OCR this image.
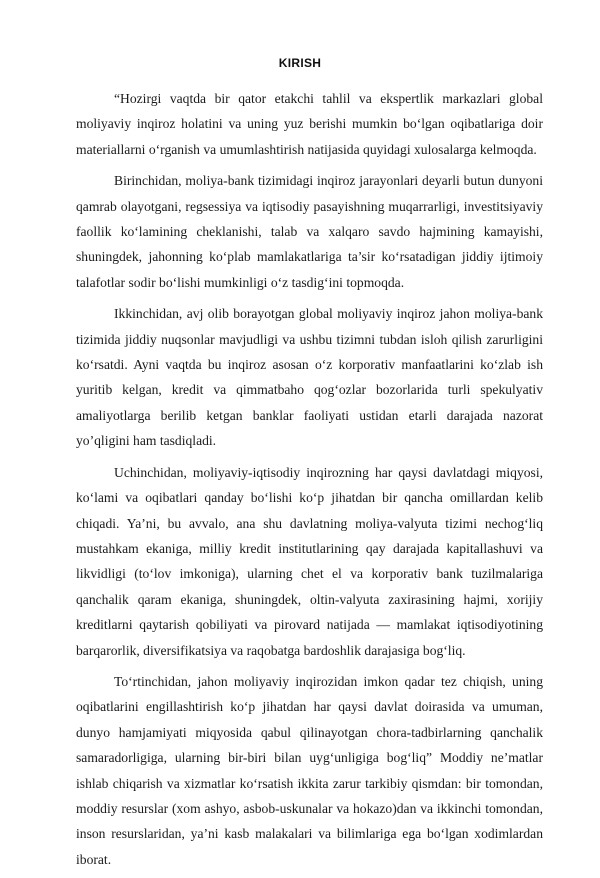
KIRISH

“Hozirgi vaqtda bir qator etakchi tahlil va ekspertlik markazlari global moliyaviy inqiroz holatini va uning yuz berishi mumkin bo‘lgan oqibatlariga doir materiallarni o‘rganish va umumlashtirish natijasida quyidagi xulosalarga kelmoqda.

Birinchidan, moliya-bank tizimidagi inqiroz jarayonlari deyarli butun dunyoni qamrab olayotgani, regsessiya va iqtisodiy pasayishning muqarrarligi, investitsiyaviy faollik ko‘lamining cheklanishi, talab va xalqaro savdo hajmining kamayishi, shuningdek, jahonning ko‘plab mamlakatlariga ta’sir ko‘rsatadigan jiddiy ijtimoiy talafotlar sodir bo‘lishi mumkinligi o‘z tasdig‘ini topmoqda.

Ikkinchidan, avj olib borayotgan global moliyaviy inqiroz jahon moliya-bank tizimida jiddiy nuqsonlar mavjudligi va ushbu tizimni tubdan isloh qilish zarurligini ko‘rsatdi. Ayni vaqtda bu inqiroz asosan o‘z korporativ manfaatlarini ko‘zlab ish yuritib kelgan, kredit va qimmatbaho qog‘ozlar bozorlarida turli spekulyativ amaliyotlarga berilib ketgan banklar faoliyati ustidan etarli darajada nazorat yo’qligini ham tasdiqladi.

Uchinchidan, moliyaviy-iqtisodiy inqirozning har qaysi davlatdagi miqyosi, ko‘lami va oqibatlari qanday bo‘lishi ko‘p jihatdan bir qancha omillardan kelib chiqadi. Ya’ni, bu avvalo, ana shu davlatning moliya-valyuta tizimi nechog‘liq mustahkam ekaniga, milliy kredit institutlarining qay darajada kapitallashuvi va likvidligi (to‘lov imkoniga), ularning chet el va korporativ bank tuzilmalariga qanchalik qaram ekaniga, shuningdek, oltin-valyuta zaxirasining hajmi, xorijiy kreditlarni qaytarish qobiliyati va pirovard natijada — mamlakat iqtisodiyotining barqarorlik, diversifikatsiya va raqobatga bardoshlik darajasiga bog‘liq.

To‘rtinchidan, jahon moliyaviy inqirozidan imkon qadar tez chiqish, uning oqibatlarini engillashtirish ko‘p jihatdan har qaysi davlat doirasida va umuman, dunyo hamjamiyati miqyosida qabul qilinayotgan chora-tadbirlarning qanchalik samaradorligiga, ularning bir-biri bilan uyg‘unligiga bog‘liq” Moddiy ne’matlar ishlab chiqarish va xizmatlar ko‘rsatish ikkita zarur tarkibiy qismdan: bir tomondan, moddiy resurslar (xom ashyo, asbob-uskunalar va hokazo)dan va ikkinchi tomondan, inson resurslaridan, ya’ni kasb malakalari va bilimlariga ega bo‘lgan xodimlardan iborat.
